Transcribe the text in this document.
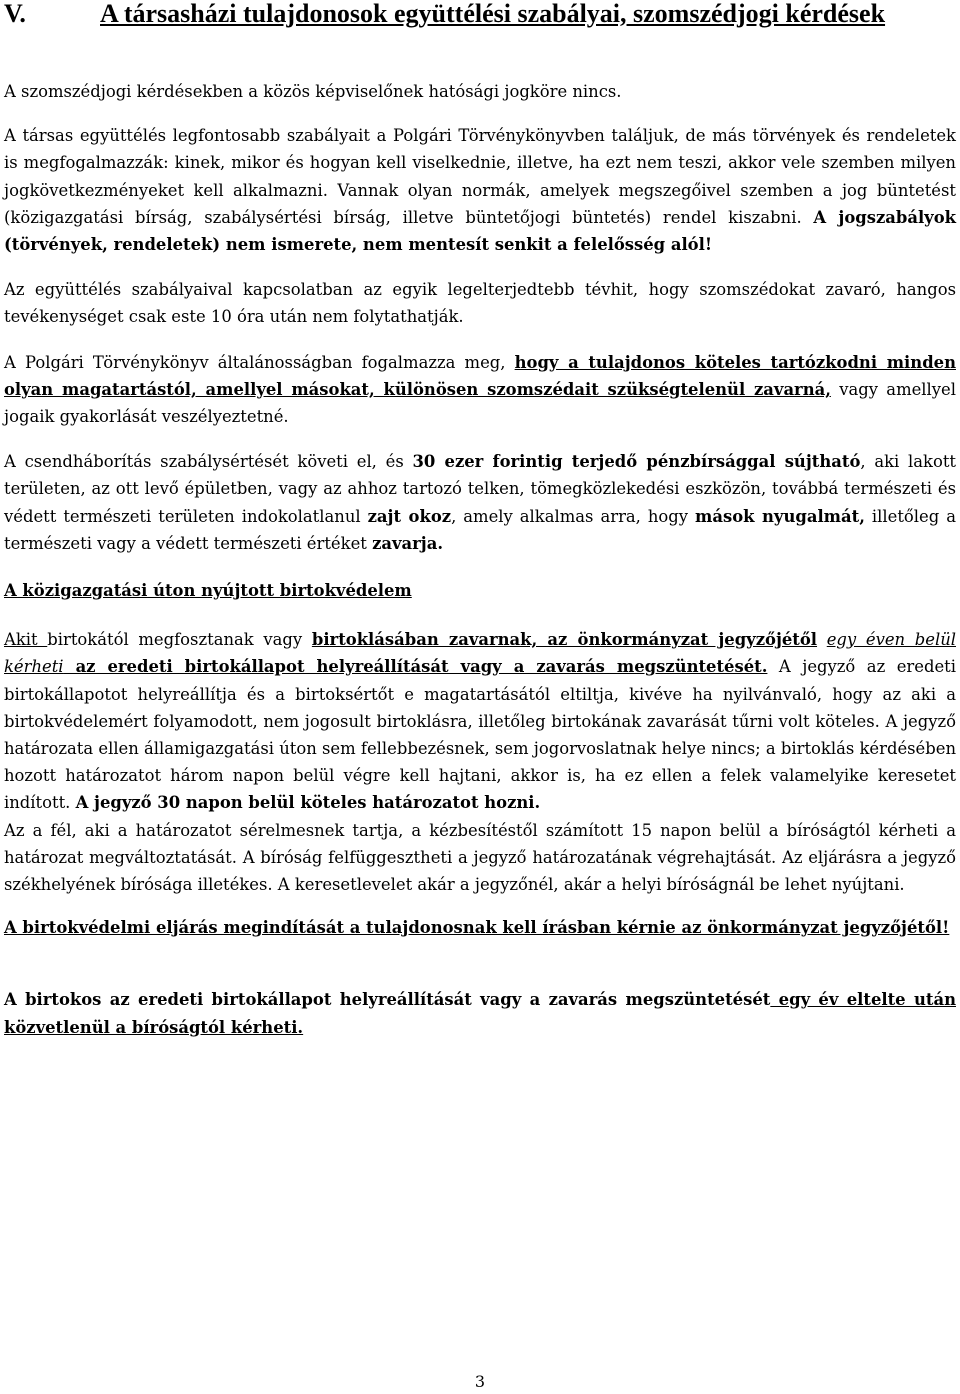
V.	A társasházi tulajdonosok együttélési szabályai, szomszédjogi kérdések

A szomszédjogi kérdésekben a közös képviselőnek hatósági jogköre nincs.

A társas együttélés legfontosabb szabályait a Polgári Törvénykönyvben találjuk, de más törvények és rendeletek is megfogalmazzák: kinek, mikor és hogyan kell viselkednie, illetve, ha ezt nem teszi, akkor vele szemben milyen jogkövetkezményeket kell alkalmazni. Vannak olyan normák, amelyek megszegőivel szemben a jog büntetést (közigazgatási bírság, szabálysértési bírság, illetve büntetőjogi büntetés) rendel kiszabni. A jogszabályok (törvények, rendeletek) nem ismerete, nem mentesít senkit a felelősség alól!

Az együttélés szabályaival kapcsolatban az egyik legelterjedtebb tévhit, hogy szomszédokat zavaró, hangos tevékenységet csak este 10 óra után nem folytathatják.

A Polgári Törvénykönyv általánosságban fogalmazza meg, hogy a tulajdonos köteles tartózkodni minden olyan magatartástól, amellyel másokat, különösen szomszédait szükségtelenül zavarná, vagy amellyel jogaik gyakorlását veszélyeztetné.

A csendháborítás szabálysértését követi el, és 30 ezer forintig terjedő pénzbírsággal sújtható, aki lakott területen, az ott levő épületben, vagy az ahhoz tartozó telken, tömegközlekedési eszközön, továbbá természeti és védett természeti területen indokolatlanul zajt okoz, amely alkalmas arra, hogy mások nyugalmát, illetőleg a természeti vagy a védett természeti értéket zavarja.

A közigazgatási úton nyújtott birtokvédelem

Akit birtokától megfosztanak vagy birtoklásában zavarnak, az önkormányzat jegyzőjétől egy éven belül kérheti az eredeti birtokállapot helyreállítását vagy a zavarás megszüntetését. A jegyző az eredeti birtokállapotot helyreállítja és a birtoksértőt e magatartásától eltiltja, kivéve ha nyilvánvaló, hogy az aki a birtokvédelemért folyamodott, nem jogosult birtoklásra, illetőleg birtokának zavarását tűrni volt köteles. A jegyző határozata ellen államigazgatási úton sem fellebbezésnek, sem jogorvoslatnak helye nincs; a birtoklás kérdésében hozott határozatot három napon belül végre kell hajtani, akkor is, ha ez ellen a felek valamelyike keresetet indított. A jegyző 30 napon belül köteles határozatot hozni.

Az a fél, aki a határozatot sérelmesnek tartja, a kézbesítéstől számított 15 napon belül a bíróságtól kérheti a határozat megváltoztatását. A bíróság felfüggesztheti a jegyző határozatának végrehajtását. Az eljárásra a jegyző székhelyének bírósága illetékes. A keresetlevelet akár a jegyzőnél, akár a helyi bíróságnál be lehet nyújtani.

A birtokvédelmi eljárás megindítását a tulajdonosnak kell írásban kérnie az önkormányzat jegyzőjétől!

A birtokos az eredeti birtokállapot helyreállítását vagy a zavarás megszüntetését egy év eltelte után közvetlenül a bíróságtól kérheti.

3
